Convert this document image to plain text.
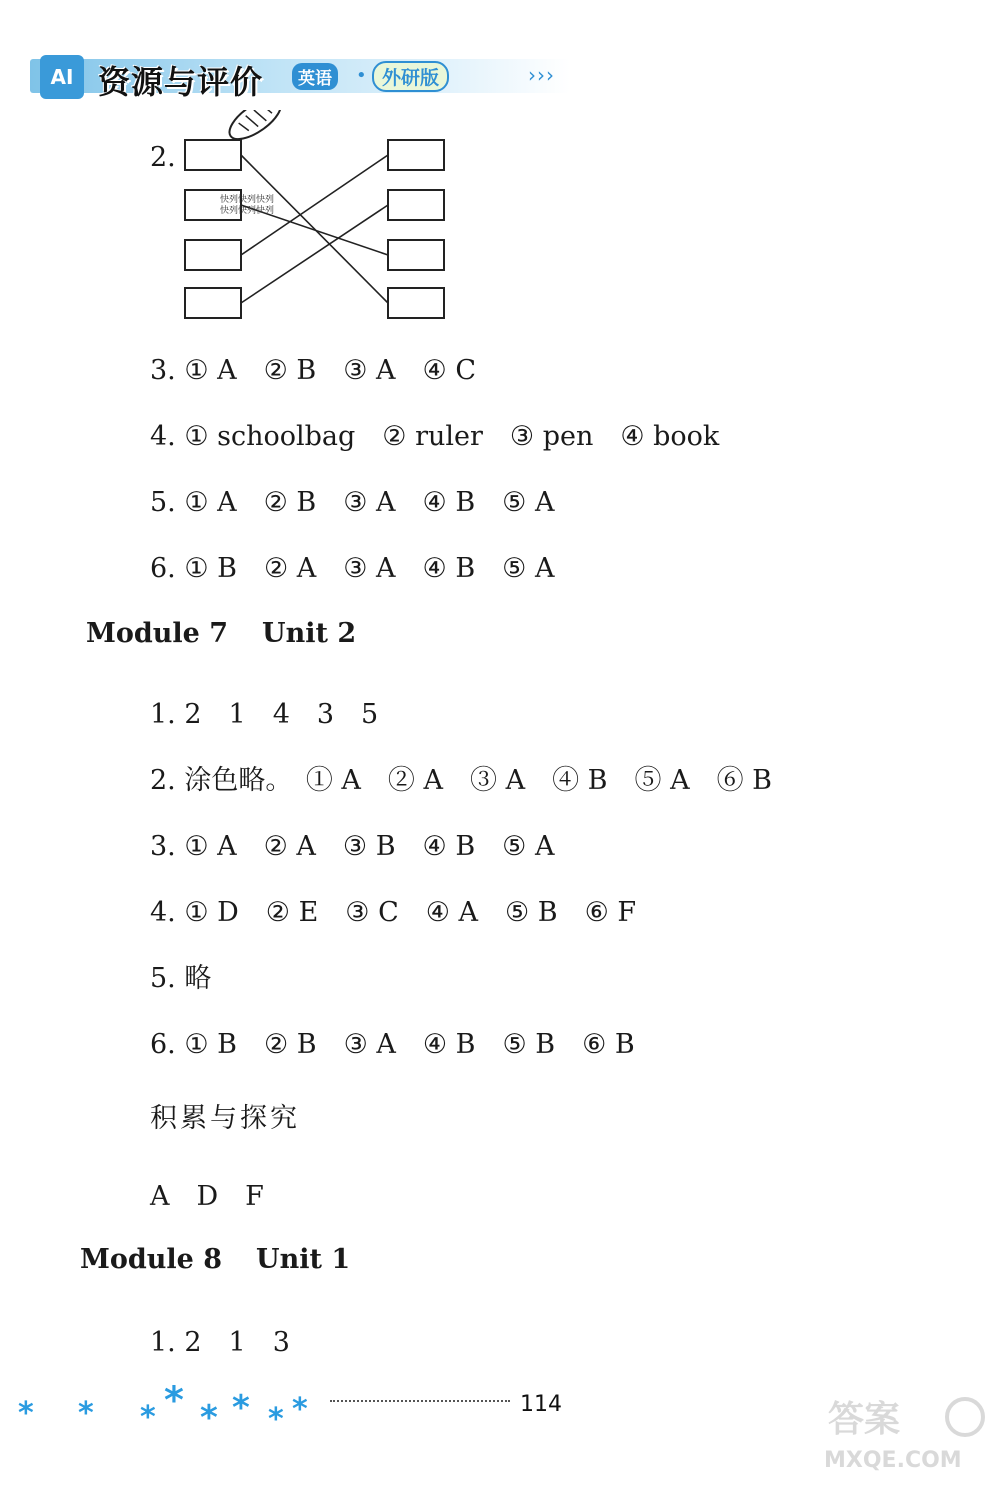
AI 资源与评价	英语	• 外研版	›››
2.
快列快列快列
快列快列快列
3. ① A　② B　③ A　④ C
4. ① schoolbag　② ruler　③ pen　④ book
5. ① A　② B　③ A　④ B　⑤ A
6. ① B　② A　③ A　④ B　⑤ A
Module 7 Unit 2
1. 2　1　4　3　5
2. 涂色略。　① A　② A　③ A　④ B　⑤ A　⑥ B
3. ① A　② A　③ B　④ B　⑤ A
4. ① D　② E　③ C　④ A　⑤ B　⑥ F
5. 略
6. ① B　② B　③ A　④ B　⑤ B　⑥ B
积累与探究
A　D　F
Module 8 Unit 1
1. 2　1　3
* * * * * * * *	114	答案
MXQE.COM
